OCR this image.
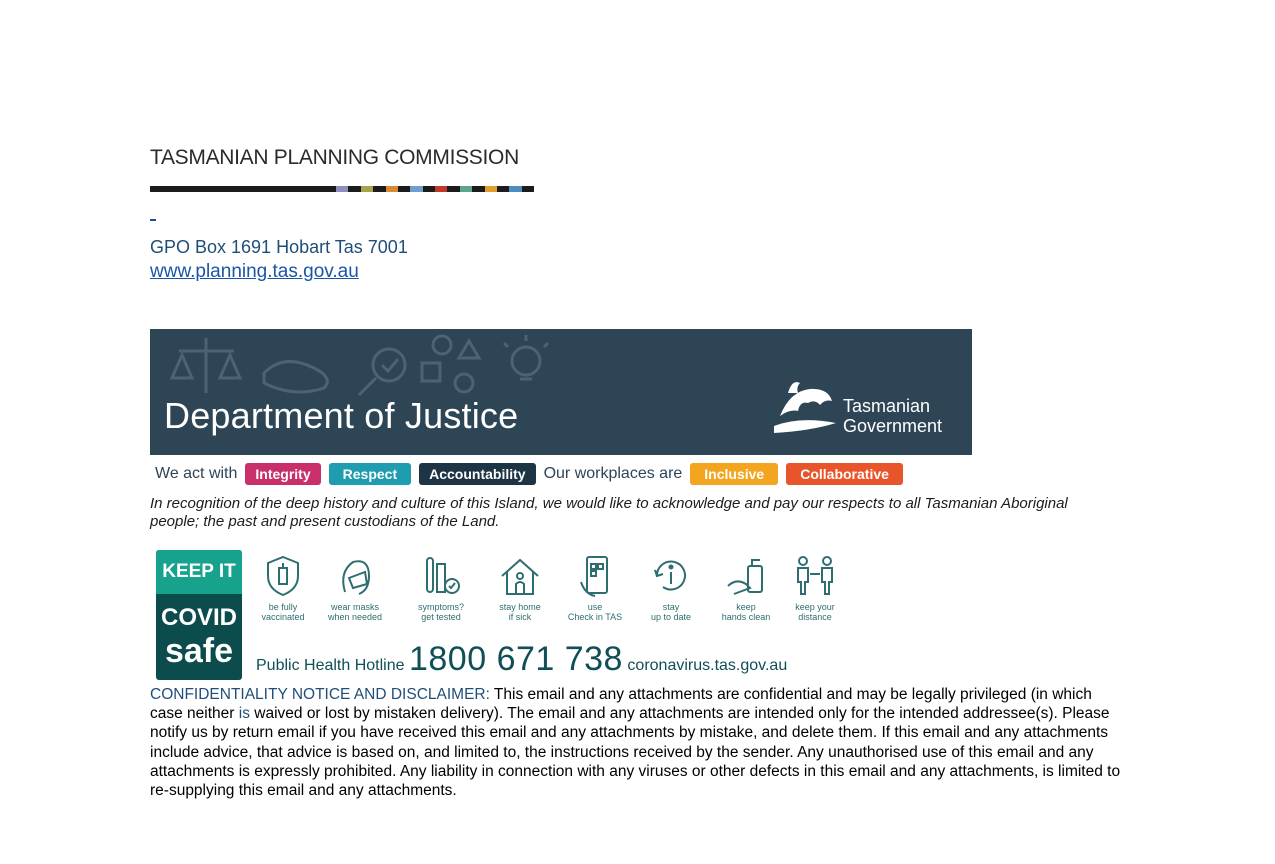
TASMANIAN PLANNING COMMISSION
GPO Box 1691 Hobart Tas 7001
www.planning.tas.gov.au
Department of Justice	Tasmanian
Government
We act with	Integrity	Respect	Accountability	Our workplaces are	Inclusive	Collaborative
In recognition of the deep history and culture of this Island, we would like to acknowledge and pay our respects to all Tasmanian Aboriginal people; the past and present custodians of the Land.
KEEP IT
COVID
safe
be fully
vaccinated
wear masks
when needed
symptoms?
get tested
stay home
if sick
use
Check in TAS
stay
up to date
keep
hands clean
keep your
distance
Public Health Hotline 1800 671 738 coronavirus.tas.gov.au
CONFIDENTIALITY NOTICE AND DISCLAIMER: This email and any attachments are confidential and may be legally privileged (in which case neither is waived or lost by mistaken delivery). The email and any attachments are intended only for the intended addressee(s). Please notify us by return email if you have received this email and any attachments by mistake, and delete them. If this email and any attachments include advice, that advice is based on, and limited to, the instructions received by the sender. Any unauthorised use of this email and any attachments is expressly prohibited. Any liability in connection with any viruses or other defects in this email and any attachments, is limited to re-supplying this email and any attachments.
